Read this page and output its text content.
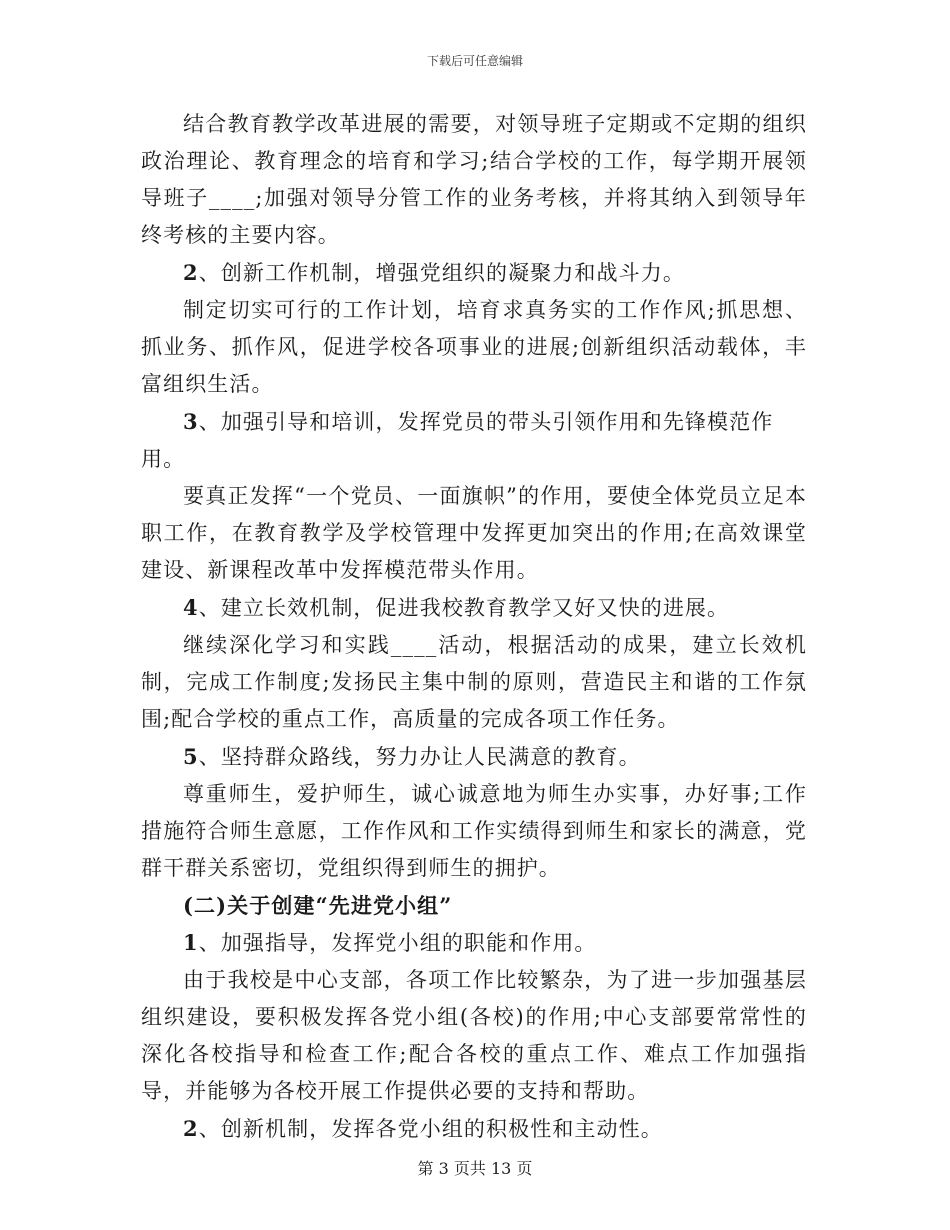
下载后可任意编辑

结合教育教学改革进展的需要，对领导班子定期或不定期的组织政治理论、教育理念的培育和学习;结合学校的工作，每学期开展领导班子____;加强对领导分管工作的业务考核，并将其纳入到领导年终考核的主要内容。

2、创新工作机制，增强党组织的凝聚力和战斗力。

制定切实可行的工作计划，培育求真务实的工作作风;抓思想、抓业务、抓作风，促进学校各项事业的进展;创新组织活动载体，丰富组织生活。

3、加强引导和培训，发挥党员的带头引领作用和先锋模范作用。

要真正发挥“一个党员、一面旗帜”的作用，要使全体党员立足本职工作，在教育教学及学校管理中发挥更加突出的作用;在高效课堂建设、新课程改革中发挥模范带头作用。

4、建立长效机制，促进我校教育教学又好又快的进展。

继续深化学习和实践____活动，根据活动的成果，建立长效机制，完成工作制度;发扬民主集中制的原则，营造民主和谐的工作氛围;配合学校的重点工作，高质量的完成各项工作任务。

5、坚持群众路线，努力办让人民满意的教育。

尊重师生，爱护师生，诚心诚意地为师生办实事，办好事;工作措施符合师生意愿，工作作风和工作实绩得到师生和家长的满意，党群干群关系密切，党组织得到师生的拥护。

(二)关于创建“先进党小组”

1、加强指导，发挥党小组的职能和作用。

由于我校是中心支部，各项工作比较繁杂，为了进一步加强基层组织建设，要积极发挥各党小组(各校)的作用;中心支部要常常性的深化各校指导和检查工作;配合各校的重点工作、难点工作加强指导，并能够为各校开展工作提供必要的支持和帮助。

2、创新机制，发挥各党小组的积极性和主动性。

第 3 页共 13 页
